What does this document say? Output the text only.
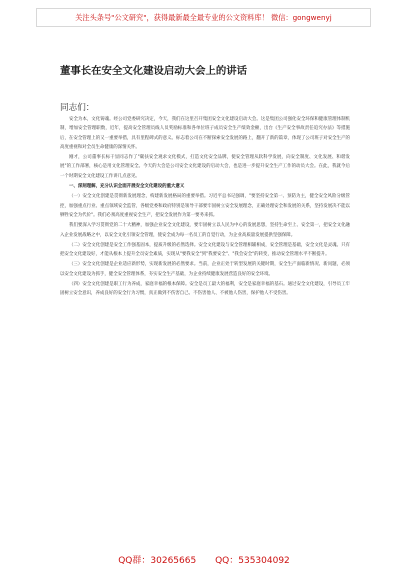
关注头条号"公文研究"，获得最新最全最专业的公文资料库！ 微信：gongwenyj
董事长在安全文化建设启动大会上的讲话
同志们：

安全为本，文化铸魂。经公司党委研究决定，今天，我们在这里召开集团安全文化建设启动大会。这是集团公司强化安全环保和健康管理体制机制，增加安全管理职数，近年，提高安全管理员线人员奖励标准和各单位班子成员安全生产绩效金额，出台《生产安全事故责任追究办法》等措施后，在安全管理上的又一重要举措，具有里程碑式的意义。标志着公司在不断探索安全发展的路上，翻开了新的篇章，体现了公司班子对安全生产的高度重视和对全员生命健康的深情关怀。

刚才，公司董事长标干显同志作了"碳扶安全观求文化模式，打造文化安全品牌，使安全管理从软科学发展，向安全制度、文化发展、和谐发展"的工作部署，核心是用文化管理安全。今天的大会是公司安全文化建设的启动大会，也是进一步提升安全生产工作的动员大会。在此，我就今后一个时期安全文化建设工作讲几点意见。

一、深刻理解，充分认识全面开展安全文化建设的重大意义

（一）安全文化创建是贯彻新发展理念，构建新发展格局的重要举措。习近平总书记强调，"要坚持安全第一、预防为主，健全安全风险分级管控，加强重点行业、重点领域安全监管，各级党委和政府特别是领导干部要牢固树立安全发展理念，正确处理安全和发展的关系，坚持发展决不能以牺牲安全为代价"。我们必须高度重视安全生产，把安全发展作为第一要务来抓。

我们要深入学习贯彻党的二十大精神，加强企业安全文化建设，要牢固树立以人民为中心的发展思想，坚持生命至上、安全第一，把安全文化融入企业发展战略之中，以安全文化引领安全管理，使安全成为每一名员工的自觉行动，为企业高质量发展提供坚强保障。

（二）安全文化创建是安全工作强基固本，提质升级的必然选择。安全文化建设与安全管理相辅相成，安全管理是基础，安全文化是灵魂。只有把安全文化建设好，才能从根本上提升全员安全素质，实现从"要我安全"到"我要安全"、"我会安全"的转变，推动安全管理水平不断提升。

（三）安全文化创建是企业适应新形势，实现新发展的必然要求。当前，企业正处于转型发展的关键时期，安全生产面临新情况、新问题，必须以安全文化建设为抓手，健全安全管理体系，夯实安全生产基础，为企业持续健康发展营造良好的安全环境。

（四）安全文化创建是职工行为养成，家庭幸福的根本保障。安全是员工最大的福利，安全是家庭幸福的基石。通过安全文化建设，引导员工牢固树立安全意识，养成良好的安全行为习惯，真正做到不伤害自己、不伤害他人、不被他人伤害，保护他人不受伤害。

QQ群：30265665 QQ：535304092
